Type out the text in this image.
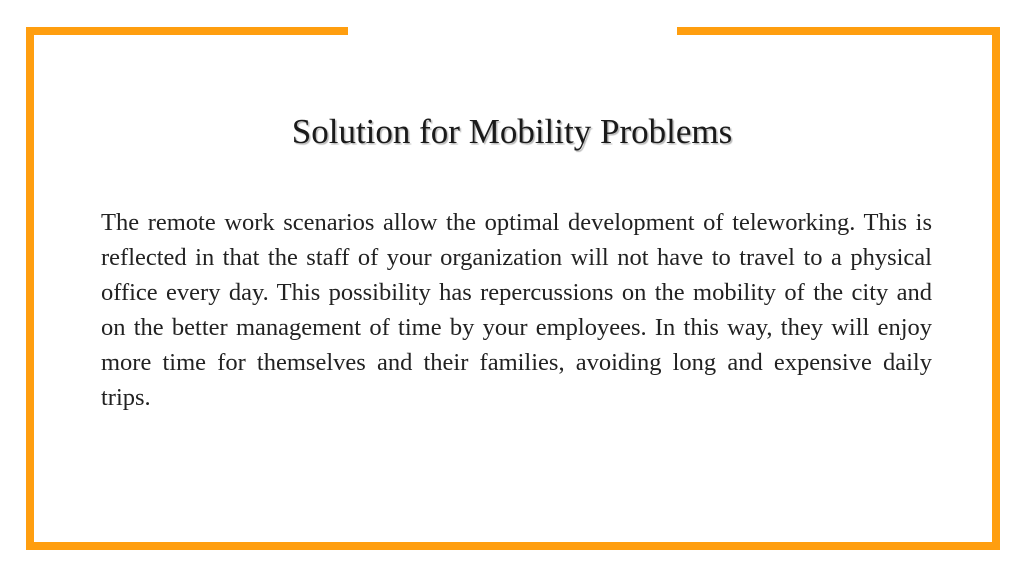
Solution for Mobility Problems

The remote work scenarios allow the optimal development of teleworking. This is reflected in that the staff of your organization will not have to travel to a physical office every day. This possibility has repercussions on the mobility of the city and on the better management of time by your employees. In this way, they will enjoy more time for themselves and their families, avoiding long and expensive daily trips.
